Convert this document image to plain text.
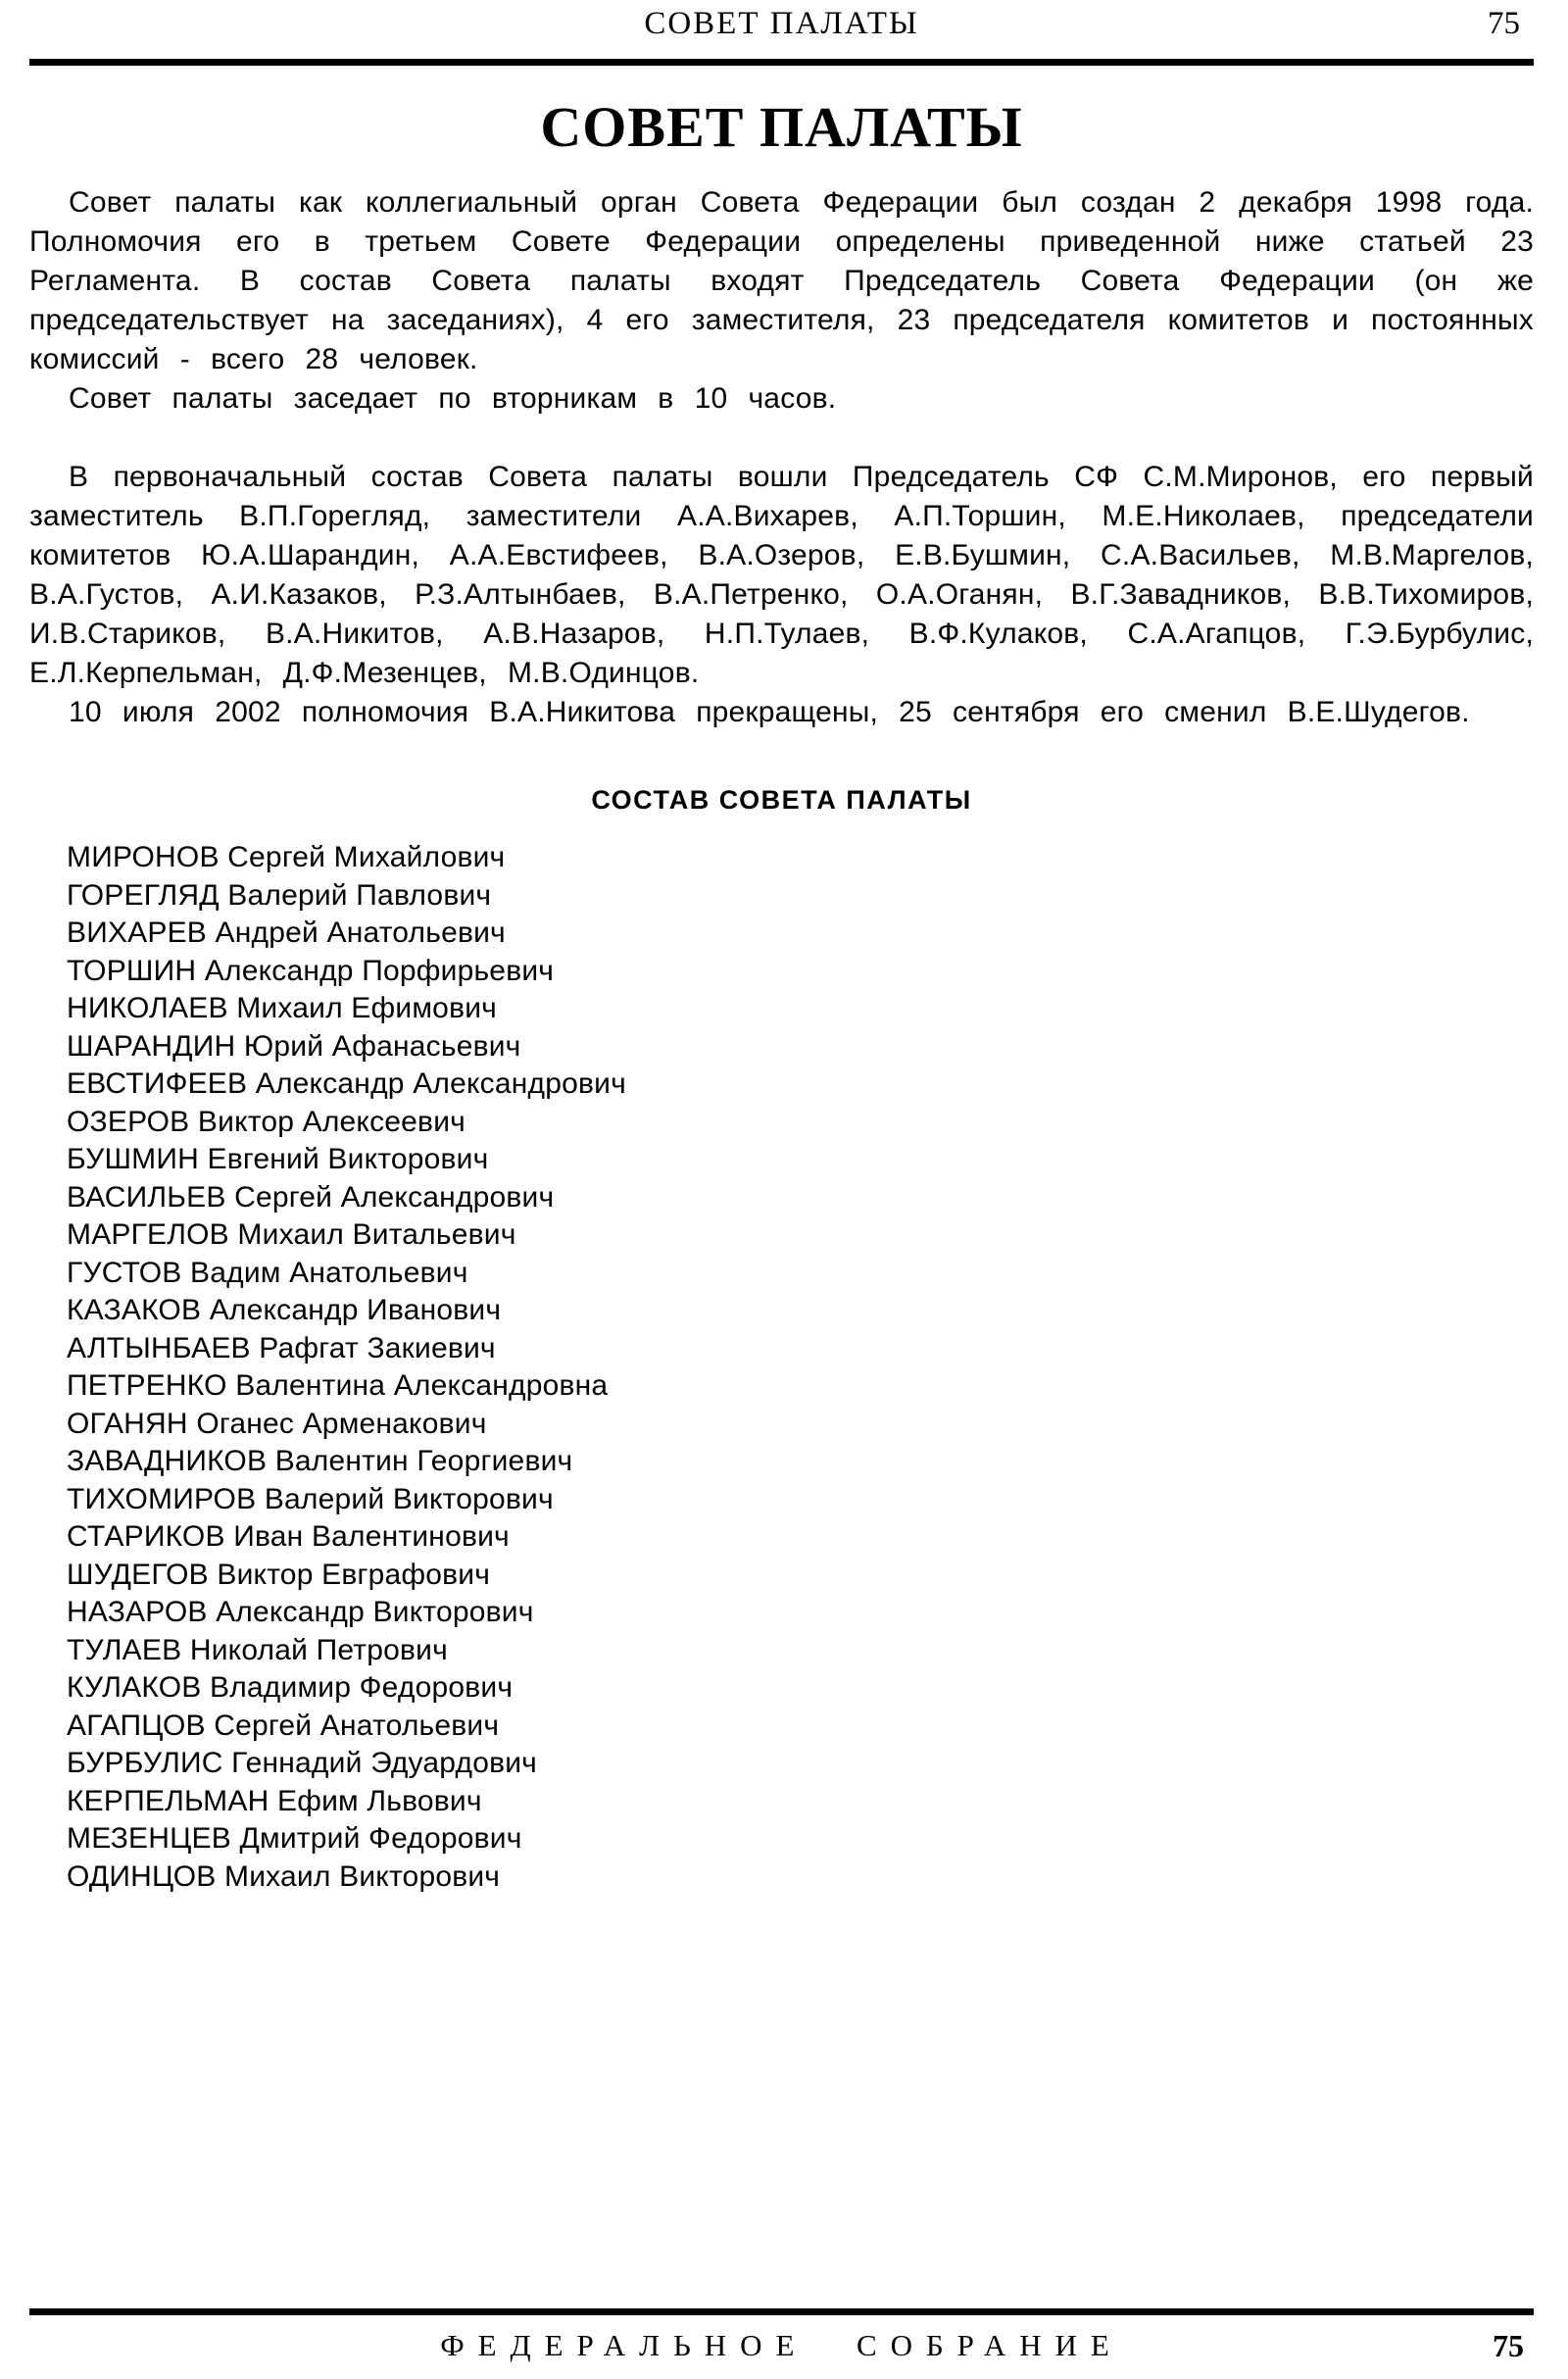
СОВЕТ ПАЛАТЫ	75
СОВЕТ ПАЛАТЫ

Совет палаты как коллегиальный орган Совета Федерации был создан 2 декабря 1998 года. Полномочия его в третьем Совете Федерации определены приведенной ниже статьей 23 Регламента. В состав Совета палаты входят Председатель Совета Федерации (он же председательствует на заседаниях), 4 его заместителя, 23 председателя комитетов и постоянных комиссий - всего 28 человек.

Совет палаты заседает по вторникам в 10 часов.

В первоначальный состав Совета палаты вошли Председатель СФ С.М.Миронов, его первый заместитель В.П.Горегляд, заместители А.А.Вихарев, А.П.Торшин, М.Е.Николаев, председатели комитетов Ю.А.Шарандин, А.А.Евстифеев, В.А.Озеров, Е.В.Бушмин, С.А.Васильев, М.В.Маргелов, В.А.Густов, А.И.Казаков, Р.З.Алтынбаев, В.А.Петренко, О.А.Оганян, В.Г.Завадников, В.В.Тихомиров, И.В.Стариков, В.А.Никитов, А.В.Назаров, Н.П.Тулаев, В.Ф.Кулаков, С.А.Агапцов, Г.Э.Бурбулис, Е.Л.Керпельман, Д.Ф.Мезенцев, М.В.Одинцов.

10 июля 2002 полномочия В.А.Никитова прекращены, 25 сентября его сменил В.Е.Шудегов.

СОСТАВ СОВЕТА ПАЛАТЫ
МИРОНОВ Сергей Михайлович
ГОРЕГЛЯД Валерий Павлович
ВИХАРЕВ Андрей Анатольевич
ТОРШИН Александр Порфирьевич
НИКОЛАЕВ Михаил Ефимович
ШАРАНДИН Юрий Афанасьевич
ЕВСТИФЕЕВ Александр Александрович
ОЗЕРОВ Виктор Алексеевич
БУШМИН Евгений Викторович
ВАСИЛЬЕВ Сергей Александрович
МАРГЕЛОВ Михаил Витальевич
ГУСТОВ Вадим Анатольевич
КАЗАКОВ Александр Иванович
АЛТЫНБАЕВ Рафгат Закиевич
ПЕТРЕНКО Валентина Александровна
ОГАНЯН Оганес Арменакович
ЗАВАДНИКОВ Валентин Георгиевич
ТИХОМИРОВ Валерий Викторович
СТАРИКОВ Иван Валентинович
ШУДЕГОВ Виктор Евграфович
НАЗАРОВ Александр Викторович
ТУЛАЕВ Николай Петрович
КУЛАКОВ Владимир Федорович
АГАПЦОВ Сергей Анатольевич
БУРБУЛИС Геннадий Эдуардович
КЕРПЕЛЬМАН Ефим Львович
МЕЗЕНЦЕВ Дмитрий Федорович
ОДИНЦОВ Михаил Викторович
ФЕДЕРАЛЬНОЕ СОБРАНИЕ	75
